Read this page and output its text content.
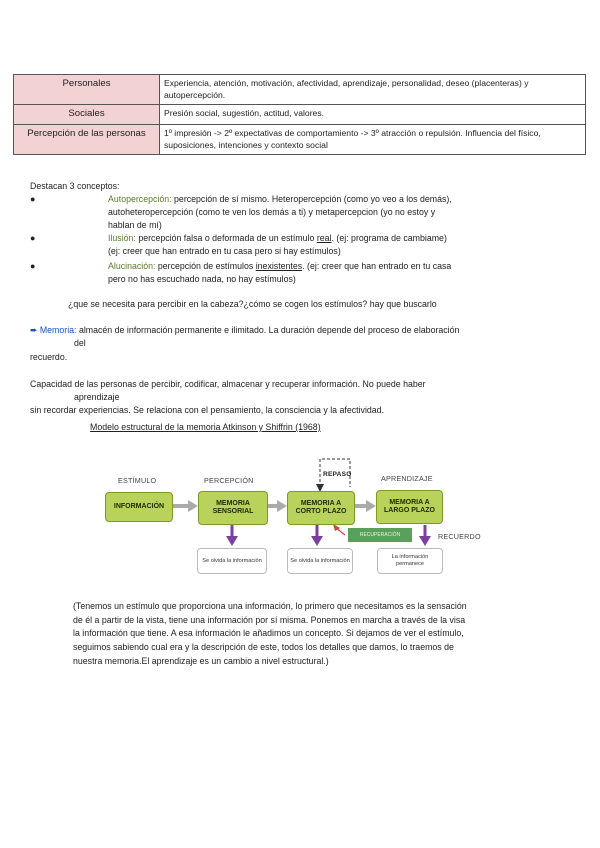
Personales	Experiencia, atención, motivación, afectividad, aprendizaje, personalidad, deseo (placenteras) y autopercepción.
Sociales	Presión social, sugestión, actitud, valores.
Percepción de las personas	1º impresión -> 2º expectativas de comportamiento -> 3º atracción o repulsión. Influencia del físico, suposiciones, intenciones y contexto social
Destacan 3 conceptos:
●	Autopercepción: percepción de sí mismo. Heteropercepción (como yo veo a los demás),
autoheteropercepción (como te ven los demás a ti) y metapercepcion (yo no estoy y
hablan de mí)
●	Ilusión: percepción falsa o deformada de un estímulo real. (ej: programa de cambiame)
(ej: creer que han entrado en tu casa pero si hay estímulos)
●	Alucinación: percepción de estímulos inexistentes. (ej: creer que han entrado en tu casa
pero no has escuchado nada, no hay estímulos)
¿que se necesita para percibir en la cabeza?¿cómo se cogen los estímulos? hay que buscarlo
➨ Memoria: almacén de información permanente e ilimitado. La duración depende del proceso de elaboración
del
recuerdo.
Capacidad de las personas de percibir, codificar, almacenar y recuperar información. No puede haber
aprendizaje
sin recordar experiencias. Se relaciona con el pensamiento, la consciencia y la afectividad.
Modelo estructural de la memoria Atkinson y Shiffrin (1968)
ESTÍMULO	PERCEPCIÓN
REPASO	APRENDIZAJE
RECUERDO
INFORMACIÓN	MEMORIA SENSORIAL
MEMORIA A CORTO PLAZO
MEMORIA A LARGO PLAZO
RECUPERACIÓN
Se olvida la información	Se olvida la información
La información permanece
(Tenemos un estímulo que proporciona una información, lo primero que necesitamos es la sensación
de él a partir de la vista, tiene una información por sí misma. Ponemos en marcha a través de la visa
la información que tiene. A esa información le añadimos un concepto. Si dejamos de ver el estímulo,
seguimos sabiendo cual era y la descripción de este, todos los detalles que damos, lo traemos de
nuestra memoria.El aprendizaje es un cambio a nivel estructural.)
